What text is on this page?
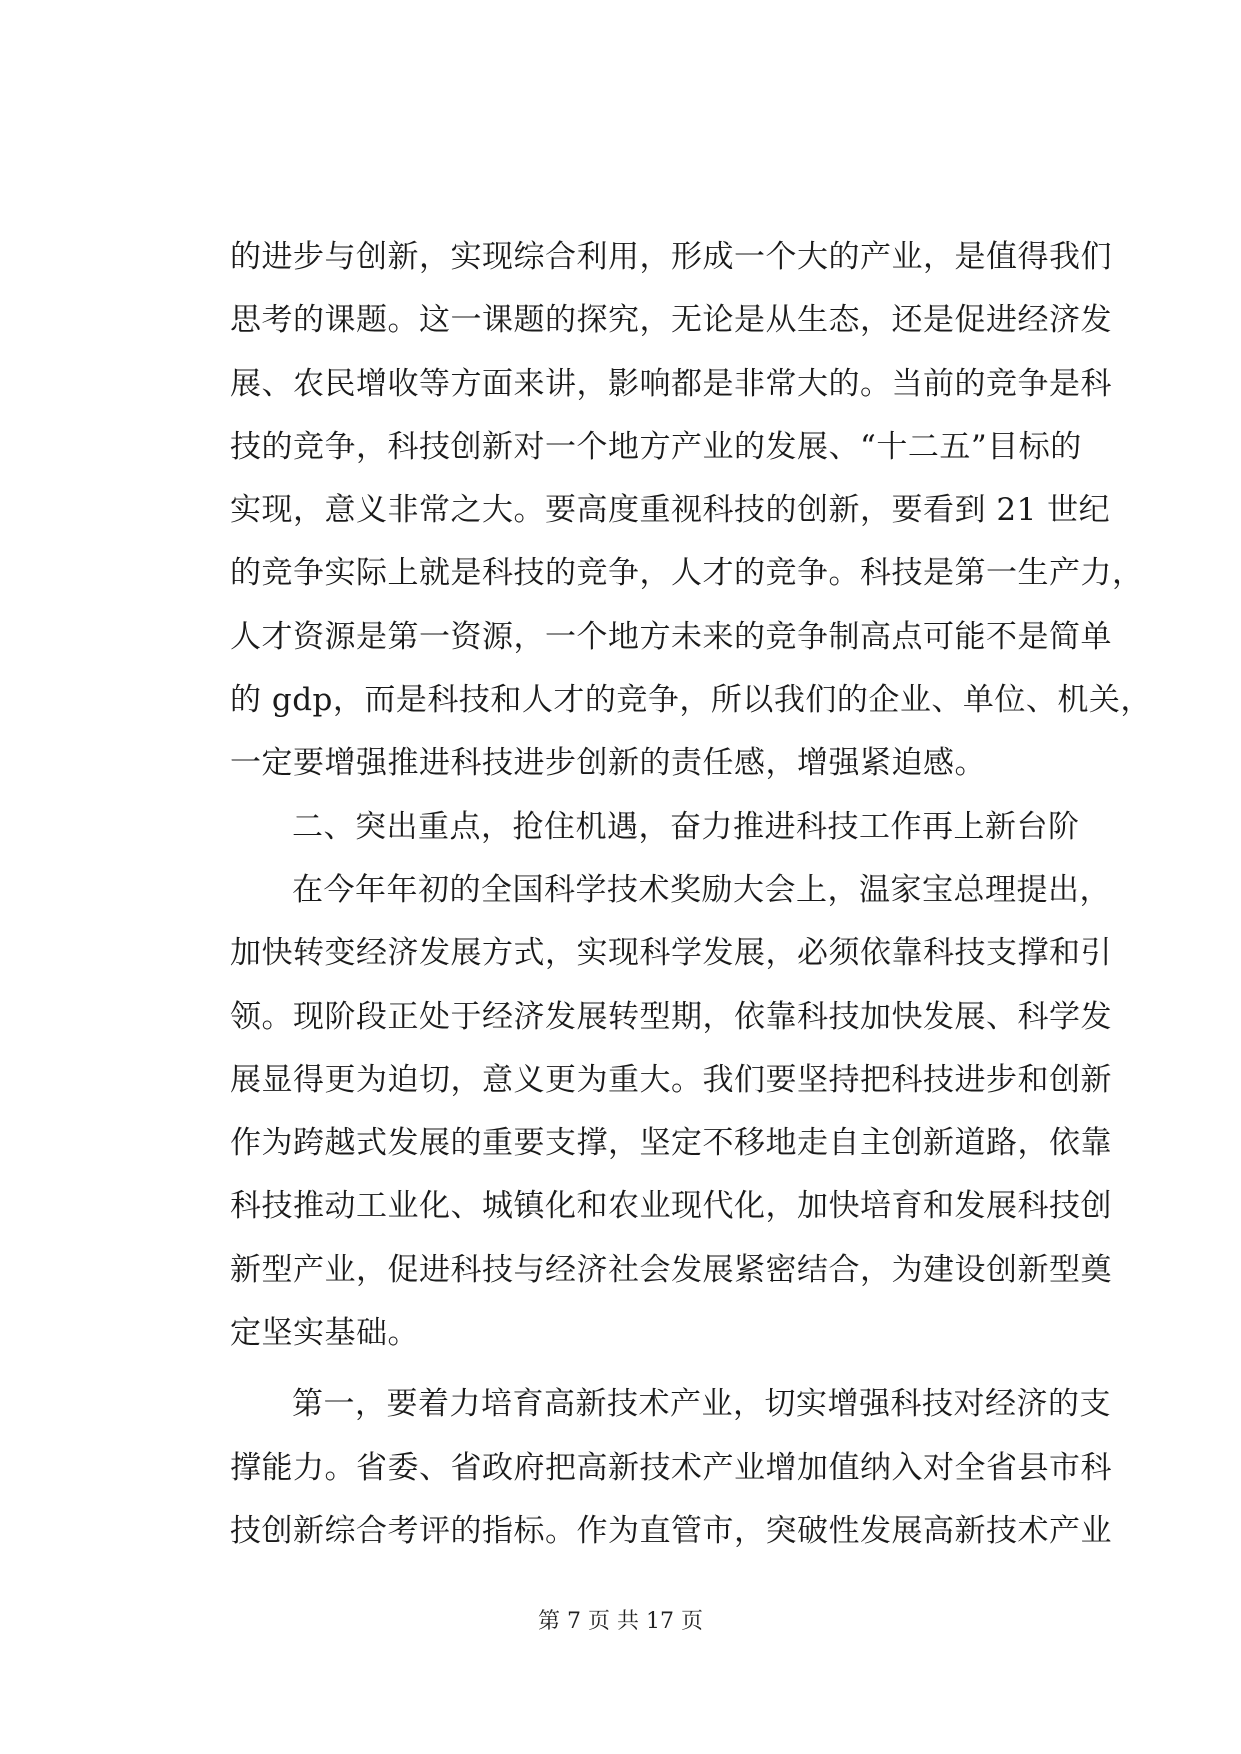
的进步与创新，实现综合利用，形成一个大的产业，是值得我们
思考的课题。这一课题的探究，无论是从生态，还是促进经济发
展、农民增收等方面来讲，影响都是非常大的。当前的竞争是科
技的竞争，科技创新对一个地方产业的发展、“十二五”目标的
实现，意义非常之大。要高度重视科技的创新，要看到 21 世纪
的竞争实际上就是科技的竞争，人才的竞争。科技是第一生产力，
人才资源是第一资源，一个地方未来的竞争制高点可能不是简单
的 gdp，而是科技和人才的竞争，所以我们的企业、单位、机关，
一定要增强推进科技进步创新的责任感，增强紧迫感。
二、突出重点，抢住机遇，奋力推进科技工作再上新台阶
在今年年初的全国科学技术奖励大会上，温家宝总理提出，
加快转变经济发展方式，实现科学发展，必须依靠科技支撑和引
领。现阶段正处于经济发展转型期，依靠科技加快发展、科学发
展显得更为迫切，意义更为重大。我们要坚持把科技进步和创新
作为跨越式发展的重要支撑，坚定不移地走自主创新道路，依靠
科技推动工业化、城镇化和农业现代化，加快培育和发展科技创
新型产业，促进科技与经济社会发展紧密结合，为建设创新型奠
定坚实基础。
第一，要着力培育高新技术产业，切实增强科技对经济的支
撑能力。省委、省政府把高新技术产业增加值纳入对全省县市科
技创新综合考评的指标。作为直管市，突破性发展高新技术产业
第 7 页 共 17 页
